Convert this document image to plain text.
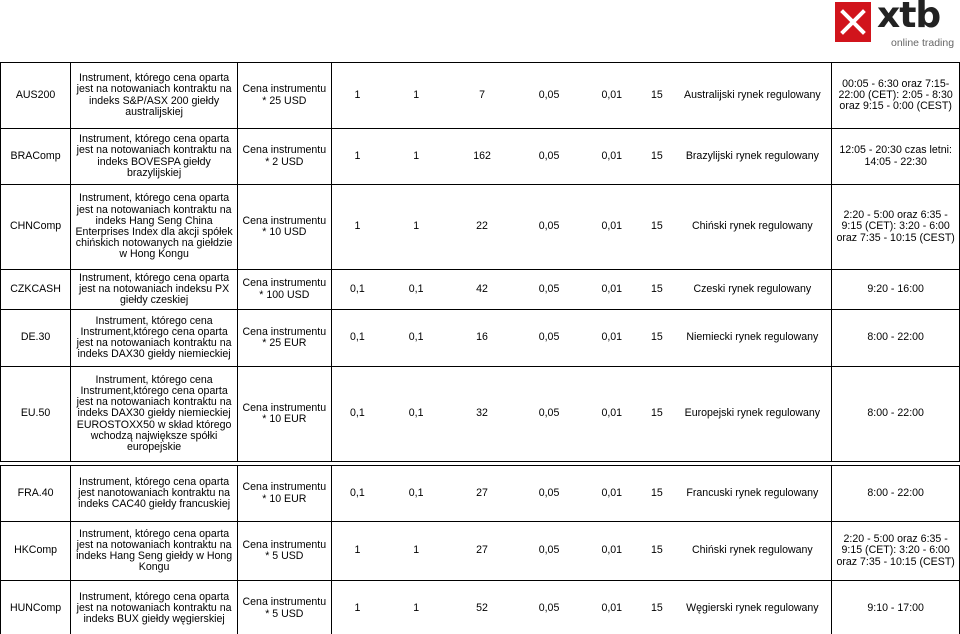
xtb
online trading
AUS200	Instrument, którego cena oparta jest na notowaniach kontraktu na indeks S&P/ASX 200 giełdy australijskiej	Cena instrumentu * 25 USD	1	1	7	0,05	0,01	15	Australijski rynek regulowany	00:05 - 6:30 oraz 7:15- 22:00 (CET): 2:05 - 8:30 oraz 9:15 - 0:00 (CEST)
BRAComp	Instrument, którego cena oparta jest na notowaniach kontraktu na indeks BOVESPA giełdy brazylijskiej	Cena instrumentu * 2 USD	1	1	162	0,05	0,01	15	Brazylijski rynek regulowany	12:05 - 20:30 czas letni: 14:05 - 22:30
CHNComp	Instrument, którego cena oparta jest na notowaniach kontraktu na indeks Hang Seng China Enterprises Index dla akcji spółek chińskich notowanych na giełdzie w Hong Kongu	Cena instrumentu * 10 USD	1	1	22	0,05	0,01	15	Chiński rynek regulowany	2:20 - 5:00 oraz 6:35 - 9:15 (CET): 3:20 - 6:00 oraz 7:35 - 10:15 (CEST)
CZKCASH	Instrument, którego cena oparta jest na notowaniach indeksu PX giełdy czeskiej	Cena instrumentu * 100 USD	0,1	0,1	42	0,05	0,01	15	Czeski rynek regulowany	9:20 - 16:00
DE.30	Instrument, którego cena Instrument,którego cena oparta jest na notowaniach kontraktu na indeks DAX30 giełdy niemieckiej	Cena instrumentu * 25 EUR	0,1	0,1	16	0,05	0,01	15	Niemiecki rynek regulowany	8:00 - 22:00
EU.50	Instrument, którego cena Instrument,którego cena oparta jest na notowaniach kontraktu na indeks DAX30 giełdy niemieckiej EUROSTOXX50 w skład którego wchodzą największe spółki europejskie	Cena instrumentu * 10 EUR	0,1	0,1	32	0,05	0,01	15	Europejski rynek regulowany	8:00 - 22:00

FRA.40	Instrument, którego cena oparta jest nanotowaniach kontraktu na indeks CAC40 giełdy francuskiej	Cena instrumentu * 10 EUR	0,1	0,1	27	0,05	0,01	15	Francuski rynek regulowany	8:00 - 22:00
HKComp	Instrument, którego cena oparta jest na notowaniach kontraktu na indeks Hang Seng giełdy w Hong Kongu	Cena instrumentu * 5 USD	1	1	27	0,05	0,01	15	Chiński rynek regulowany	2:20 - 5:00 oraz 6:35 - 9:15 (CET): 3:20 - 6:00 oraz 7:35 - 10:15 (CEST)
HUNComp	Instrument, którego cena oparta jest na notowaniach kontraktu na indeks BUX giełdy węgierskiej	Cena instrumentu * 5 USD	1	1	52	0,05	0,01	15	Węgierski rynek regulowany	9:10 - 17:00
